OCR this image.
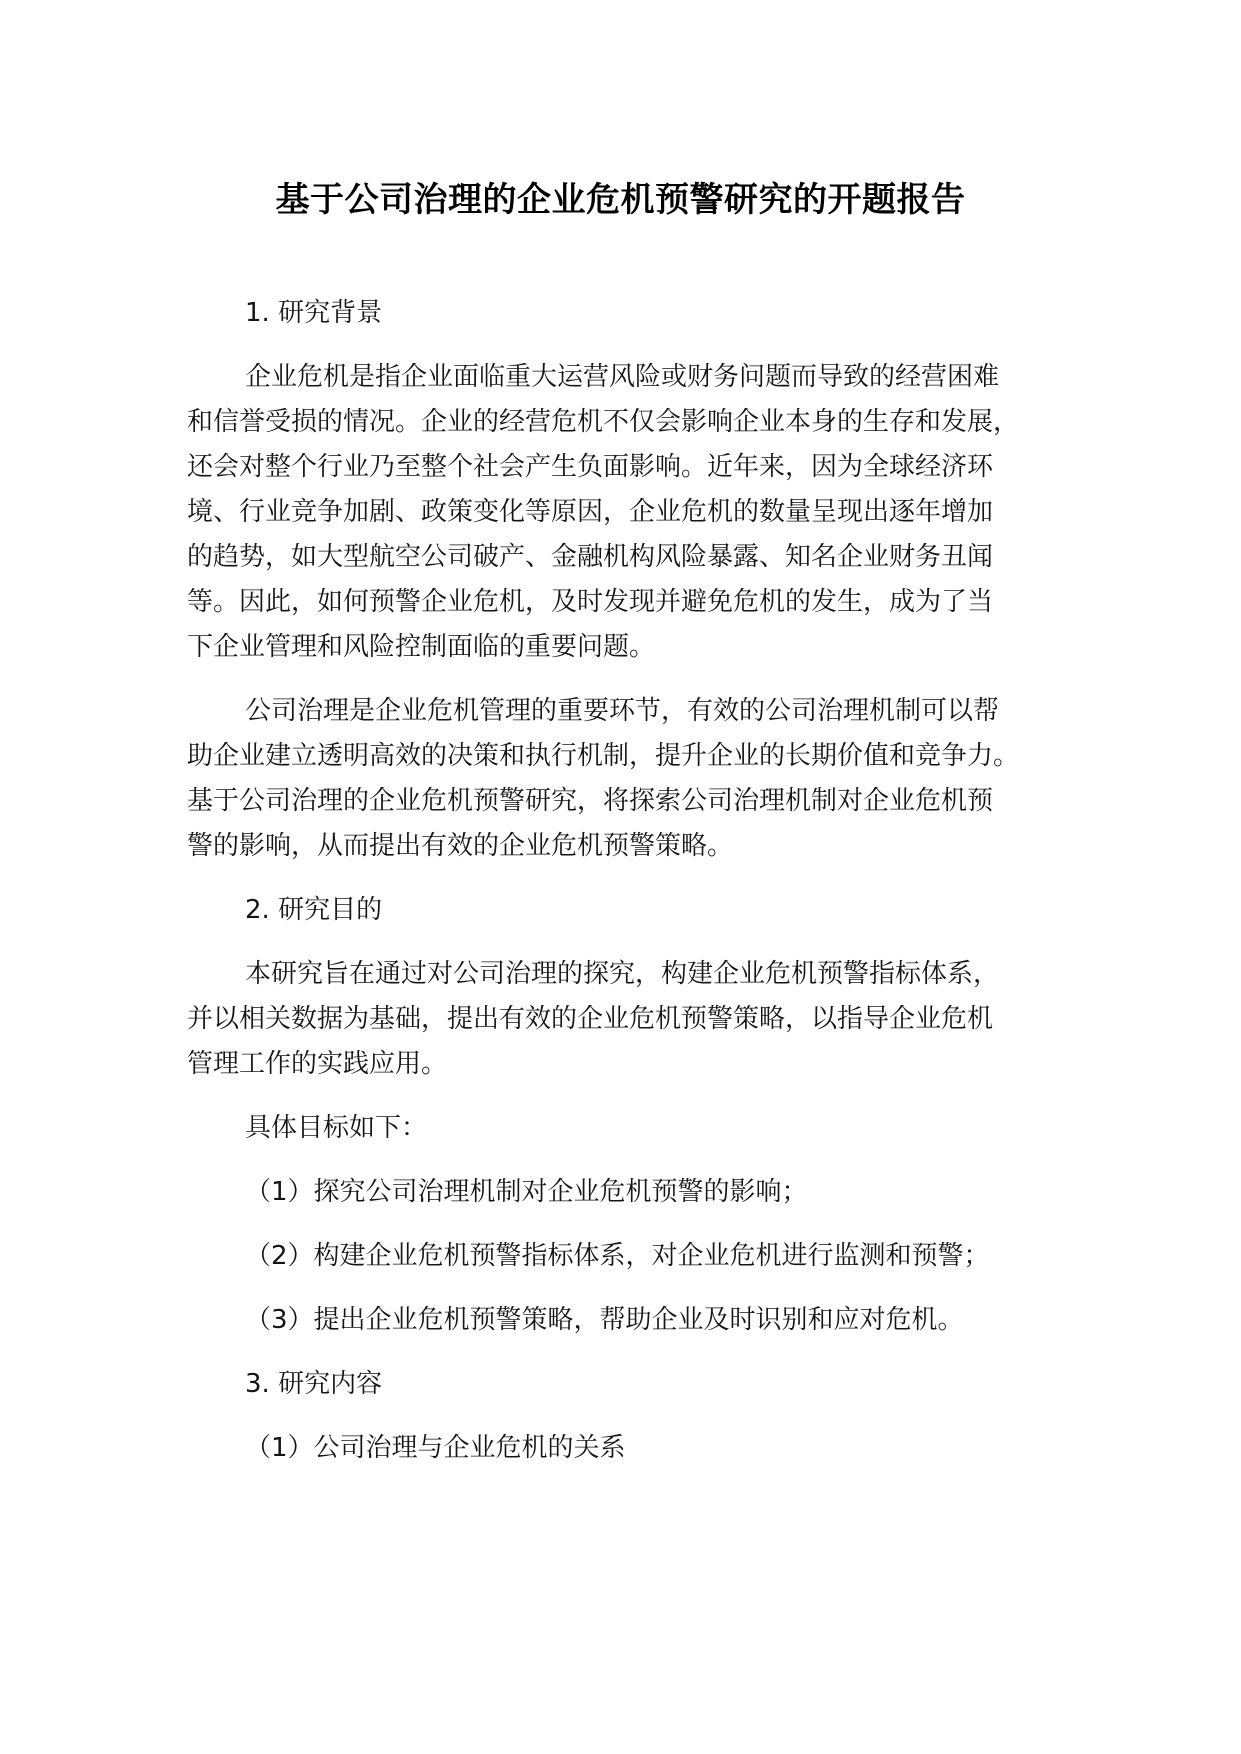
基于公司治理的企业危机预警研究的开题报告
1. 研究背景
企业危机是指企业面临重大运营风险或财务问题而导致的经营困难
和信誉受损的情况。企业的经营危机不仅会影响企业本身的生存和发展，
还会对整个行业乃至整个社会产生负面影响。近年来，因为全球经济环
境、行业竞争加剧、政策变化等原因，企业危机的数量呈现出逐年增加
的趋势，如大型航空公司破产、金融机构风险暴露、知名企业财务丑闻
等。因此，如何预警企业危机，及时发现并避免危机的发生，成为了当
下企业管理和风险控制面临的重要问题。
公司治理是企业危机管理的重要环节，有效的公司治理机制可以帮
助企业建立透明高效的决策和执行机制，提升企业的长期价值和竞争力。
基于公司治理的企业危机预警研究，将探索公司治理机制对企业危机预
警的影响，从而提出有效的企业危机预警策略。
2. 研究目的
本研究旨在通过对公司治理的探究，构建企业危机预警指标体系，
并以相关数据为基础，提出有效的企业危机预警策略，以指导企业危机
管理工作的实践应用。
具体目标如下：
（1）探究公司治理机制对企业危机预警的影响；
（2）构建企业危机预警指标体系，对企业危机进行监测和预警；
（3）提出企业危机预警策略，帮助企业及时识别和应对危机。
3. 研究内容
（1）公司治理与企业危机的关系
